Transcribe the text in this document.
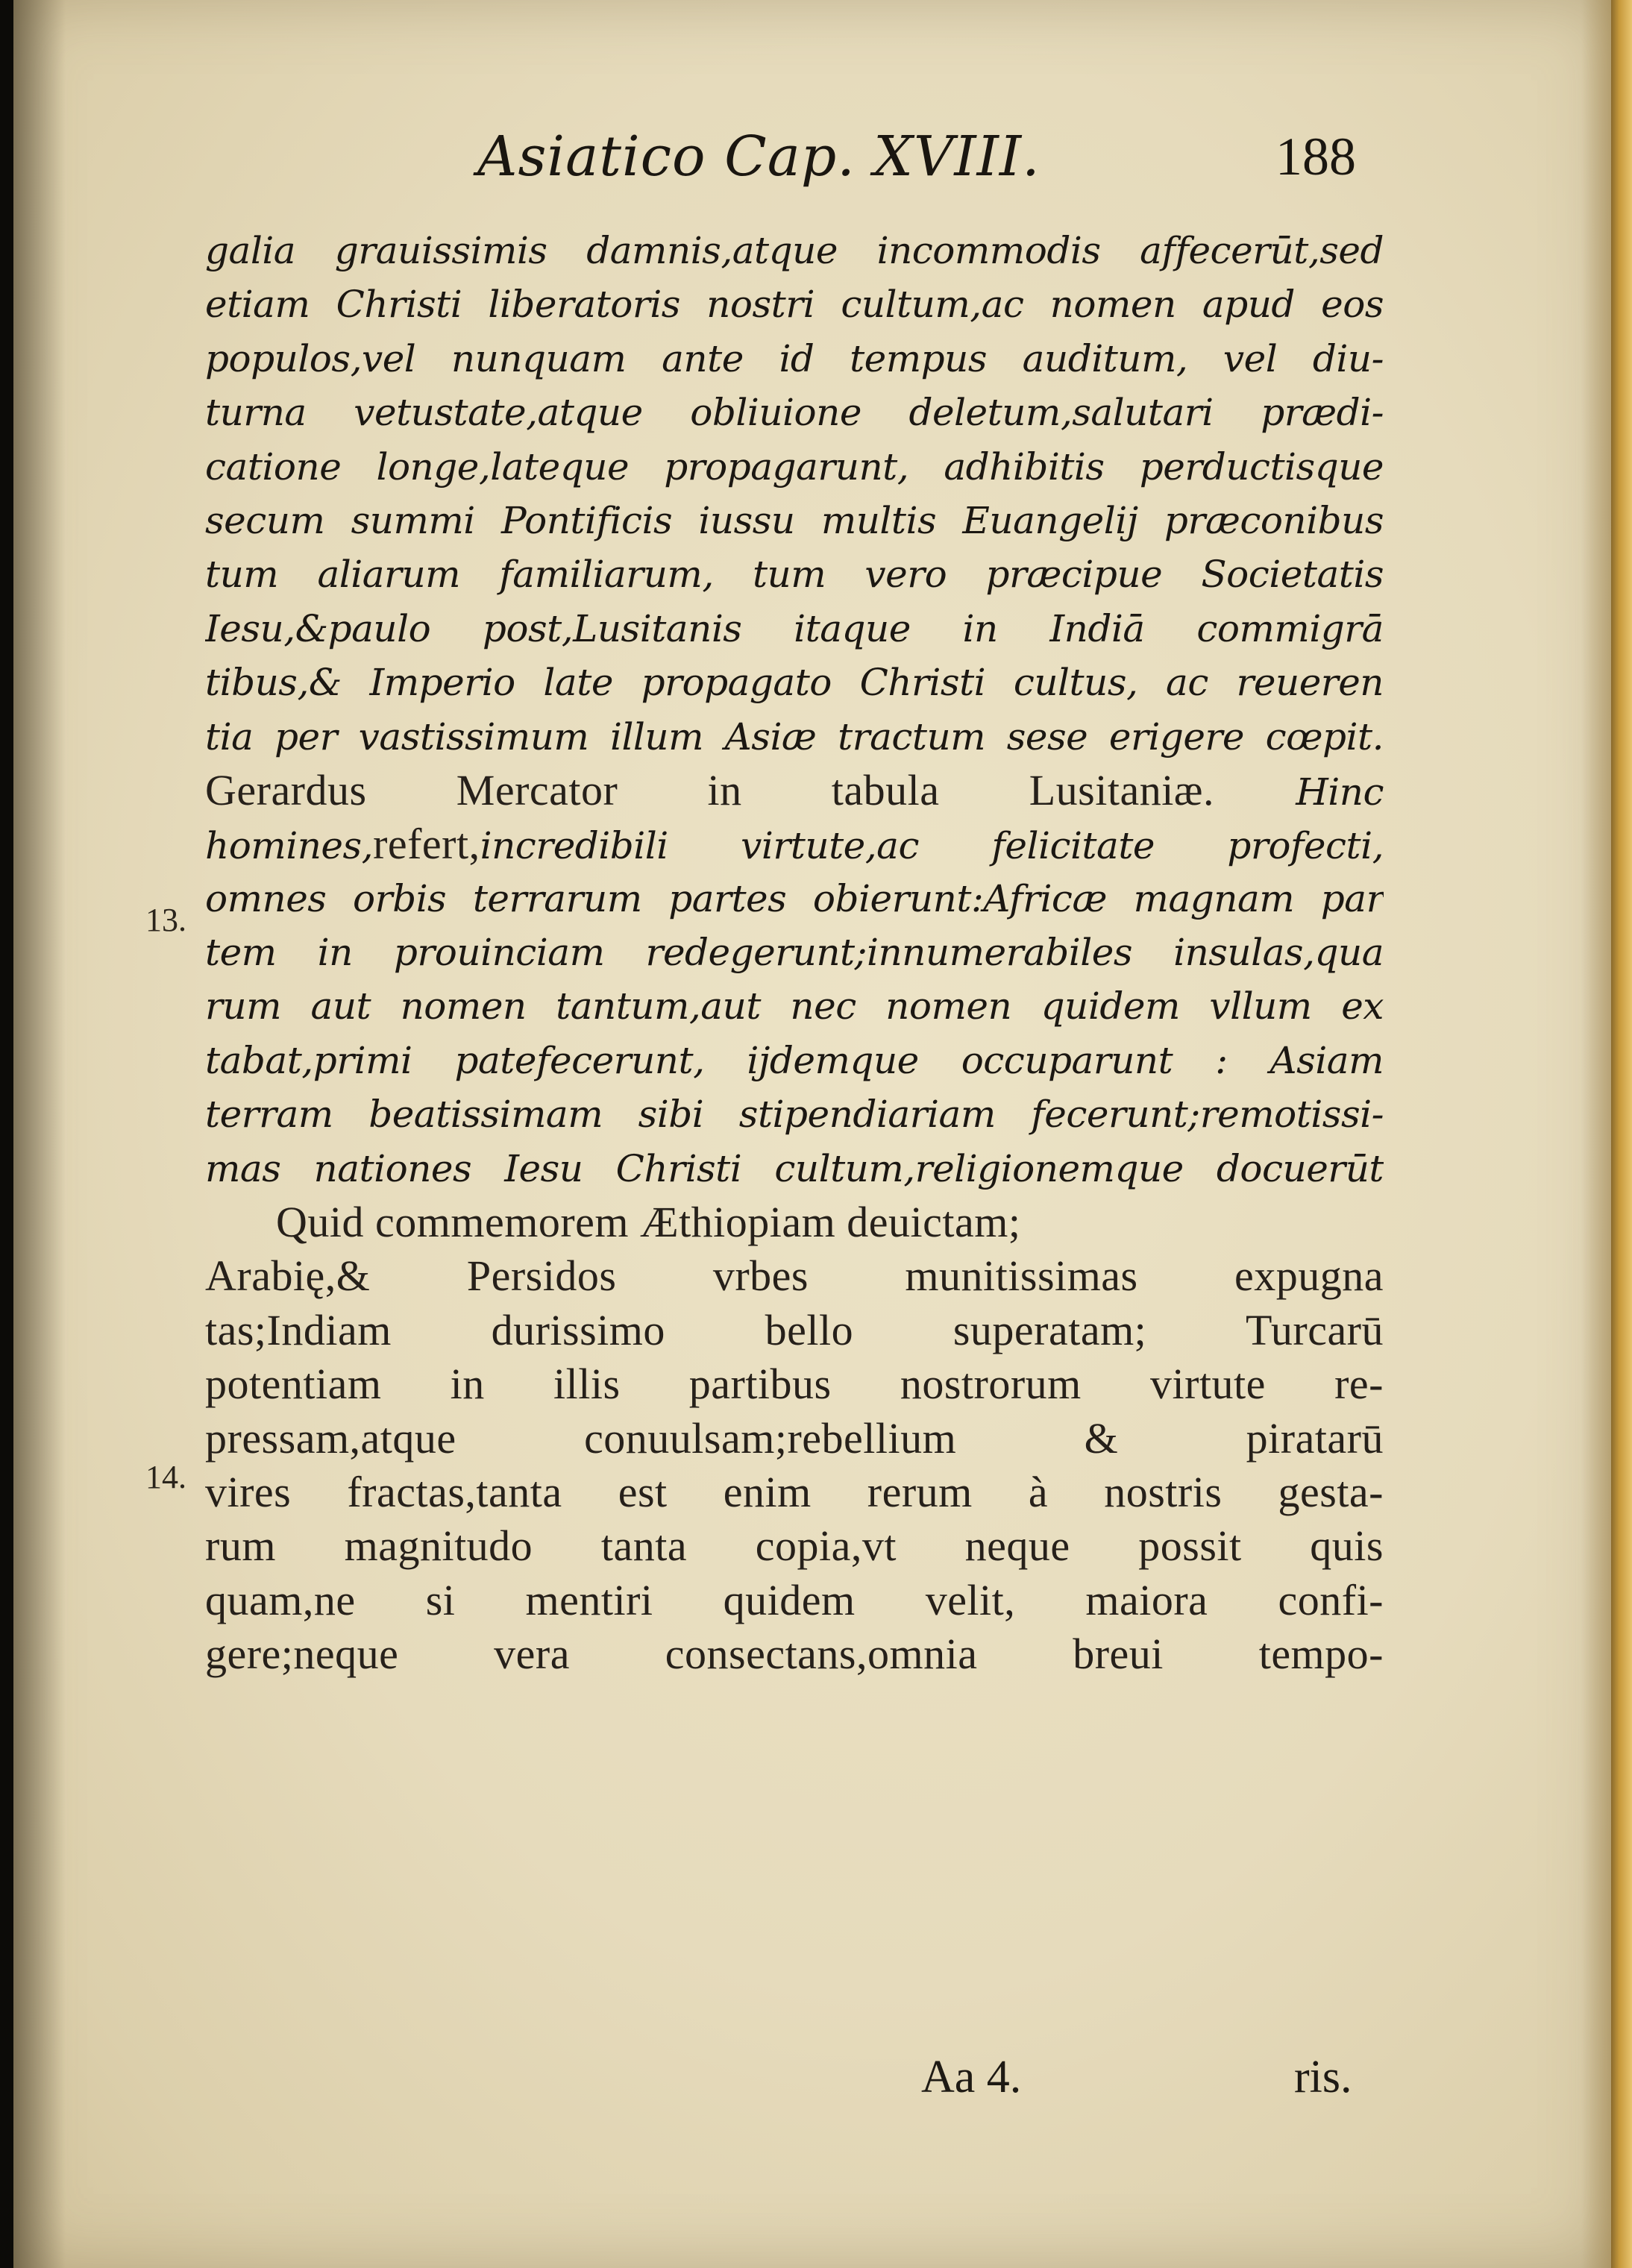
Asiatico Cap. XVIII.	188
13.
14.
galia grauissimis damnis,atque incommodis affecerūt,sed
etiam Christi liberatoris nostri cultum,ac nomen apud eos
populos,vel nunquam ante id tempus auditum, vel diu-
turna vetustate,atque obliuione deletum,salutari prædi-
catione longe,lateque propagarunt, adhibitis perductisque
secum summi Pontificis iussu multis Euangelij præconibus
tum aliarum familiarum, tum vero præcipue Societatis
Iesu,&paulo post,Lusitanis itaque in Indiā commigrā
tibus,& Imperio late propagato Christi cultus, ac reueren
tia per vastissimum illum Asiæ tractum sese erigere cœpit.
Gerardus Mercator in tabula Lusitaniæ. Hinc
homines,refert,incredibili virtute,ac felicitate profecti,
omnes orbis terrarum partes obierunt:Africæ magnam par
tem in prouinciam redegerunt;innumerabiles insulas,qua
rum aut nomen tantum,aut nec nomen quidem vllum ex
tabat,primi patefecerunt, ijdemque occuparunt : Asiam
terram beatissimam sibi stipendiariam fecerunt;remotissi-
mas nationes Iesu Christi cultum,religionemque docuerūt
Quid commemorem Æthiopiam deuictam;
Arabię,& Persidos vrbes munitissimas expugna
tas;Indiam durissimo bello superatam; Turcarū
potentiam in illis partibus nostrorum virtute re-
pressam,atque conuulsam;rebellium & piratarū
vires fractas,tanta est enim rerum à nostris gesta-
rum magnitudo tanta copia,vt neque possit quis
quam,ne si mentiri quidem velit, maiora confi-
gere;neque vera consectans,omnia breui tempo-
Aa 4.	ris.
